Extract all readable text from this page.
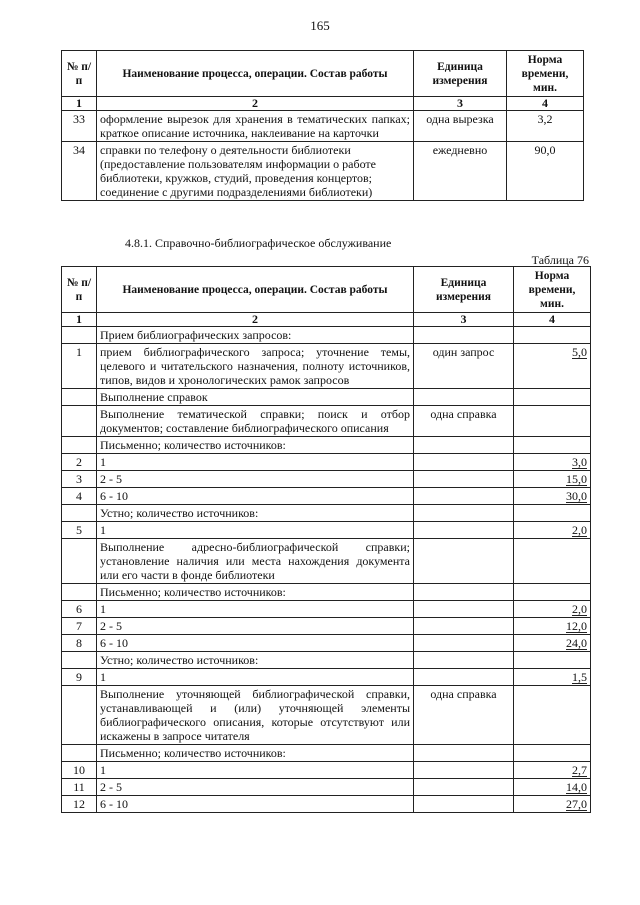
165
№ п/п	Наименование процесса, операции. Состав работы	Единица измерения	Норма времени, мин.
1	2	3	4
33	оформление вырезок для хранения в тематических папках; краткое описание источника, наклеивание на карточки	одна вырезка	3,2
34	справки по телефону о деятельности библиотеки (предоставление пользователям информации о работе библиотеки, кружков, студий, проведения концертов; соединение с другими подразделениями библиотеки)	ежедневно	90,0
4.8.1. Справочно-библиографическое обслуживание
Таблица 76
№ п/п	Наименование процесса, операции. Состав работы	Единица измерения	Норма времени, мин.
1	2	3	4
	Прием библиографических запросов:		
1	прием библиографического запроса; уточнение темы, целевого и читательского назначения, полноту источников, типов, видов и хронологических рамок запросов	один запрос	5,0
	Выполнение справок		
	Выполнение тематической справки; поиск и отбор документов; составление библиографического описания	одна справка	
	Письменно; количество источников:		
2	1		3,0
3	2 - 5		15,0
4	6 - 10		30,0
	Устно; количество источников:		
5	1		2,0
	Выполнение адресно-библиографической справки; установление наличия или места нахождения документа или его части в фонде библиотеки		
	Письменно; количество источников:		
6	1		2,0
7	2 - 5		12,0
8	6 - 10		24,0
	Устно; количество источников:		
9	1		1,5
	Выполнение уточняющей библиографической справки, устанавливающей и (или) уточняющей элементы библиографического описания, которые отсутствуют или искажены в запросе читателя	одна справка	
	Письменно; количество источников:		
10	1		2,7
11	2 - 5		14,0
12	6 - 10		27,0
